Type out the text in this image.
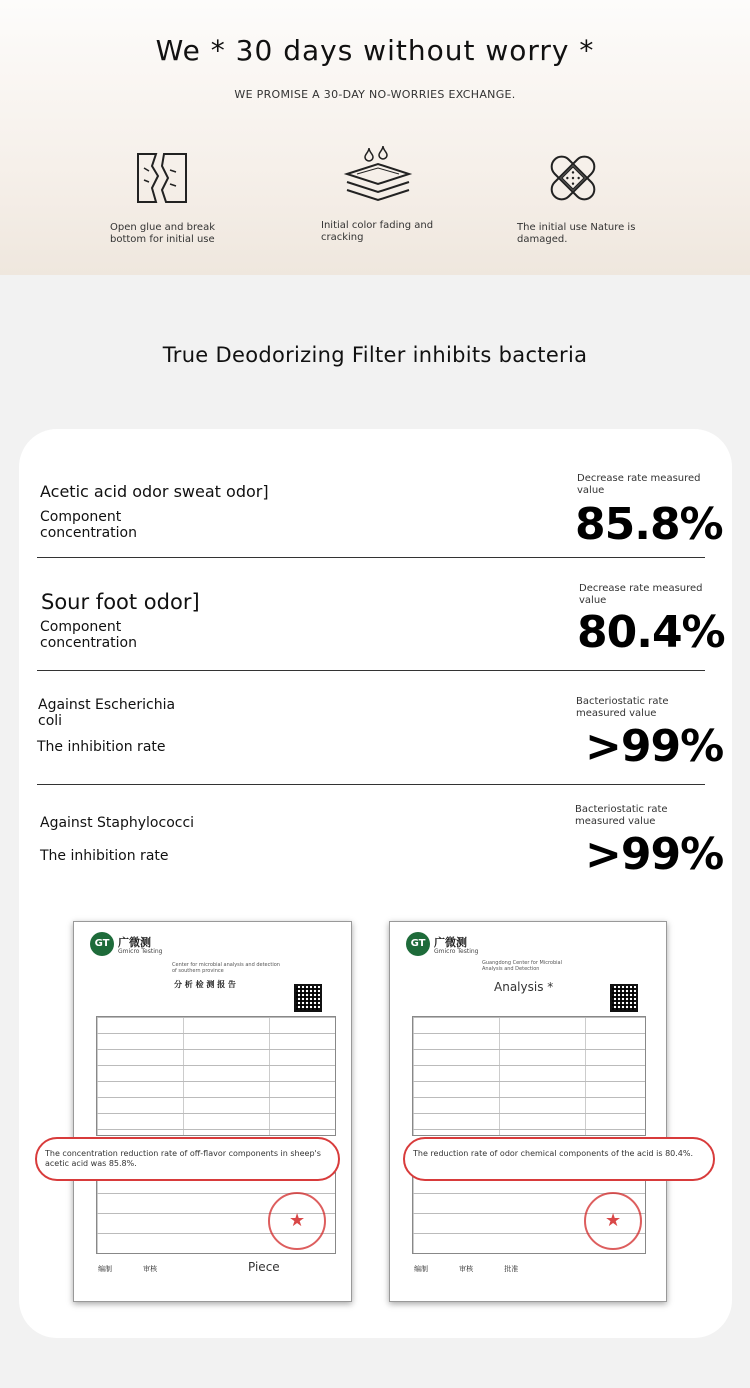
We * 30 days without worry *
WE PROMISE A 30-DAY NO-WORRIES EXCHANGE.
Open glue and break
bottom for initial use
Initial color fading and
cracking
The initial use Nature is
damaged.
True Deodorizing Filter inhibits bacteria
Acetic acid odor sweat odor]
Component
concentration
Decrease rate measured
value
85.8%
Sour foot odor]
Component
concentration
Decrease rate measured
value
80.4%
Against Escherichia
coli
The inhibition rate
Bacteriostatic rate
measured value
>99%
Against Staphylococci
The inhibition rate
Bacteriostatic rate
measured value
>99%
GT 广微测
Gmicro Testing
Center for microbial analysis and detection
of southern province
分 析 检 测 报 告
★
编制              审核	Piece
The concentration reduction rate of off-flavor components in sheep's acetic acid was 85.8%.
GT 广微测
Gmicro Testing
Guangdong Center for Microbial
Analysis and Detection
Analysis *
★
编制              审核              批准
The reduction rate of odor chemical components of the acid is 80.4%.
